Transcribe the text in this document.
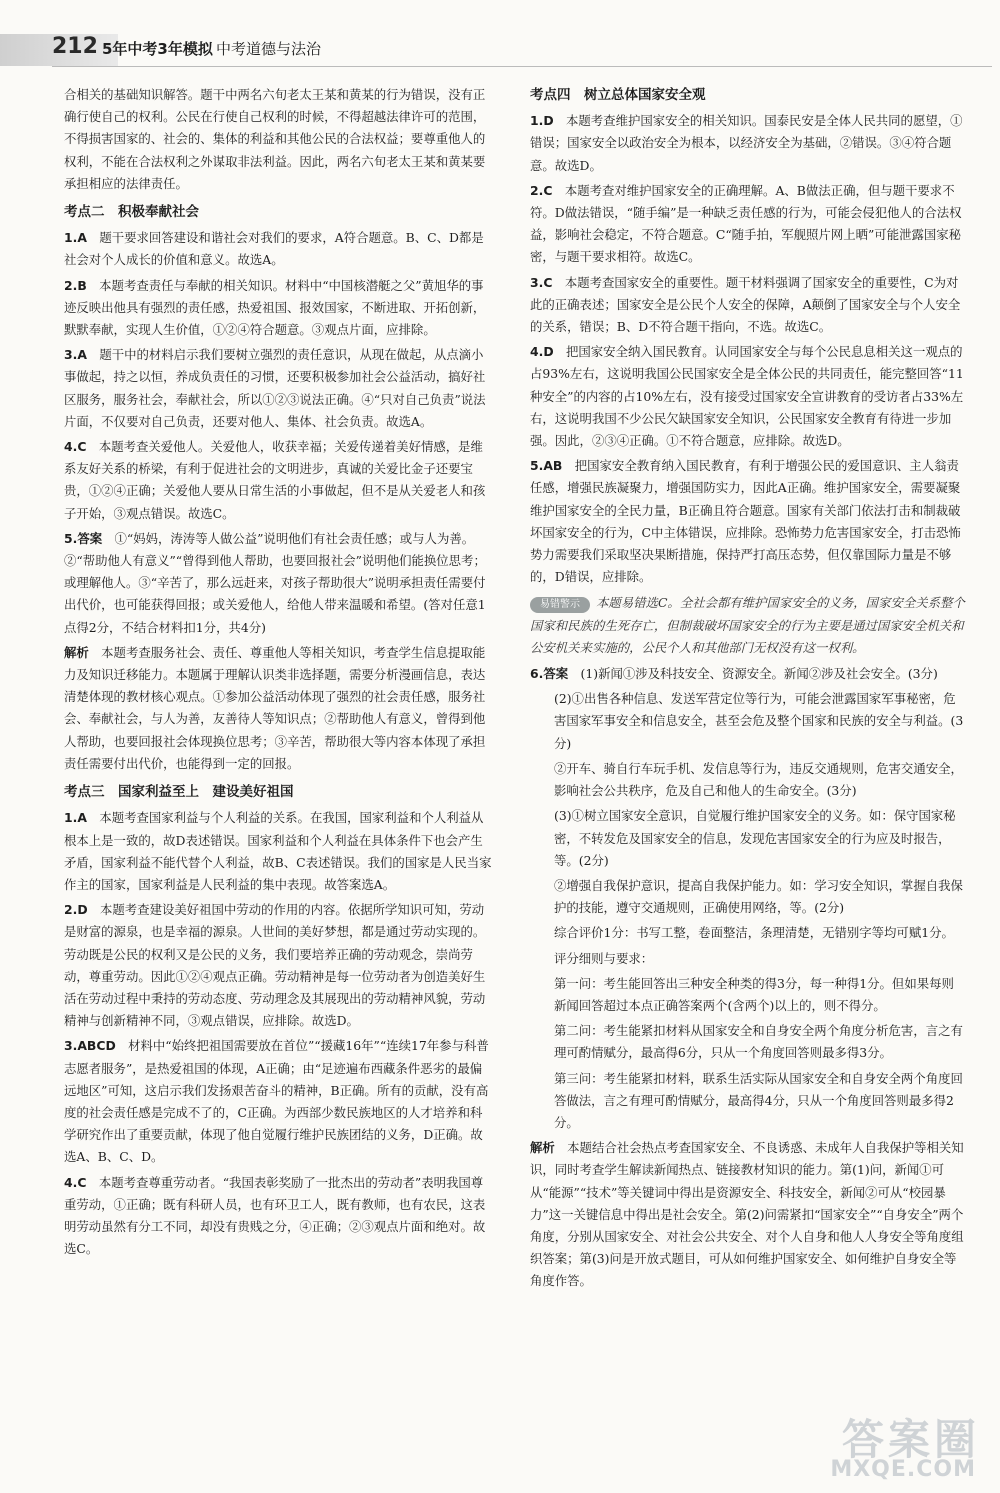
212 5年中考3年模拟 中考道德与法治
合相关的基础知识解答。题干中两名六旬老太王某和黄某的行为错误，没有正确行使自己的权利。公民在行使自己权利的时候，不得超越法律许可的范围，不得损害国家的、社会的、集体的利益和其他公民的合法权益；要尊重他人的权利，不能在合法权利之外谋取非法利益。因此，两名六旬老太王某和黄某要承担相应的法律责任。
考点二　积极奉献社会
1.A　 题干要求回答建设和谐社会对我们的要求，A符合题意。B、C、D都是社会对个人成长的价值和意义。故选A。
2.B　 本题考查责任与奉献的相关知识。材料中“中国核潜艇之父”黄旭华的事迹反映出他具有强烈的责任感，热爱祖国、报效国家，不断进取、开拓创新，默默奉献，实现人生价值，①②④符合题意。③观点片面，应排除。
3.A　 题干中的材料启示我们要树立强烈的责任意识，从现在做起，从点滴小事做起，持之以恒，养成负责任的习惯，还要积极参加社会公益活动，搞好社区服务，服务社会，奉献社会，所以①②③说法正确。④“只对自己负责”说法片面，不仅要对自己负责，还要对他人、集体、社会负责。故选A。
4.C　 本题考查关爱他人。关爱他人，收获幸福；关爱传递着美好情感，是维系友好关系的桥梁，有利于促进社会的文明进步，真诚的关爱比金子还要宝贵，①②④正确；关爱他人要从日常生活的小事做起，但不是从关爱老人和孩子开始，③观点错误。故选C。
5.答案　 ①“妈妈，涛涛等人做公益”说明他们有社会责任感；或与人为善。②“帮助他人有意义”“曾得到他人帮助，也要回报社会”说明他们能换位思考；或理解他人。③“辛苦了，那么远赶来，对孩子帮助很大”说明承担责任需要付出代价，也可能获得回报；或关爱他人，给他人带来温暖和希望。(答对任意1点得2分，不结合材料扣1分，共4分)
解析　 本题考查服务社会、责任、尊重他人等相关知识，考查学生信息提取能力及知识迁移能力。本题属于理解认识类非选择题，需要分析漫画信息，表达清楚体现的教材核心观点。①参加公益活动体现了强烈的社会责任感，服务社会、奉献社会，与人为善，友善待人等知识点；②帮助他人有意义，曾得到他人帮助，也要回报社会体现换位思考；③辛苦，帮助很大等内容本体现了承担责任需要付出代价，也能得到一定的回报。
考点三　国家利益至上　建设美好祖国
1.A　 本题考查国家利益与个人利益的关系。在我国，国家利益和个人利益从根本上是一致的，故D表述错误。国家利益和个人利益在具体条件下也会产生矛盾，国家利益不能代替个人利益，故B、C表述错误。我们的国家是人民当家作主的国家，国家利益是人民利益的集中表现。故答案选A。
2.D　 本题考查建设美好祖国中劳动的作用的内容。依据所学知识可知，劳动是财富的源泉，也是幸福的源泉。人世间的美好梦想，都是通过劳动实现的。劳动既是公民的权利又是公民的义务，我们要培养正确的劳动观念，崇尚劳动，尊重劳动。因此①②④观点正确。劳动精神是每一位劳动者为创造美好生活在劳动过程中秉持的劳动态度、劳动理念及其展现出的劳动精神风貌，劳动精神与创新精神不同，③观点错误，应排除。故选D。
3.ABCD　 材料中“始终把祖国需要放在首位”“援藏16年”“连续17年参与科普志愿者服务”，是热爱祖国的体现，A正确；由“足迹遍布西藏条件恶劣的最偏远地区”可知，这启示我们发扬艰苦奋斗的精神，B正确。所有的贡献，没有高度的社会责任感是完成不了的，C正确。为西部少数民族地区的人才培养和科学研究作出了重要贡献，体现了他自觉履行维护民族团结的义务，D正确。故选A、B、C、D。
4.C　 本题考查尊重劳动者。“我国表彰奖励了一批杰出的劳动者”表明我国尊重劳动，①正确；既有科研人员，也有环卫工人，既有教师，也有农民，这表明劳动虽然有分工不同，却没有贵贱之分，④正确；②③观点片面和绝对。故选C。
考点四　树立总体国家安全观
1.D　 本题考查维护国家安全的相关知识。国泰民安是全体人民共同的愿望，①错误；国家安全以政治安全为根本，以经济安全为基础，②错误。③④符合题意。故选D。
2.C　 本题考查对维护国家安全的正确理解。A、B做法正确，但与题干要求不符。D做法错误，“随手编”是一种缺乏责任感的行为，可能会侵犯他人的合法权益，影响社会稳定，不符合题意。C“随手拍，军舰照片网上晒”可能泄露国家秘密，与题干要求相符。故选C。
3.C　 本题考查国家安全的重要性。题干材料强调了国家安全的重要性，C为对此的正确表述；国家安全是公民个人安全的保障，A颠倒了国家安全与个人安全的关系，错误；B、D不符合题干指向，不选。故选C。
4.D　 把国家安全纳入国民教育。认同国家安全与每个公民息息相关这一观点的占93%左右，这说明我国公民国家安全是全体公民的共同责任，能完整回答“11种安全”的内容的占10%左右，没有接受过国家安全宣讲教育的受访者占33%左右，这说明我国不少公民欠缺国家安全知识，公民国家安全教育有待进一步加强。因此，②③④正确。①不符合题意，应排除。故选D。
5.AB　 把国家安全教育纳入国民教育，有利于增强公民的爱国意识、主人翁责任感，增强民族凝聚力，增强国防实力，因此A正确。维护国家安全，需要凝聚维护国家安全的全民力量，B正确且符合题意。国家有关部门依法打击和制裁破坏国家安全的行为，C中主体错误，应排除。恐怖势力危害国家安全，打击恐怖势力需要我们采取坚决果断措施，保持严打高压态势，但仅靠国际力量是不够的，D错误，应排除。
易错警示 本题易错选C。全社会都有维护国家安全的义务，国家安全关系整个国家和民族的生死存亡，但制裁破坏国家安全的行为主要是通过国家安全机关和公安机关来实施的，公民个人和其他部门无权没有这一权利。
6.答案　 (1)新闻①涉及科技安全、资源安全。新闻②涉及社会安全。(3分)
(2)①出售各种信息、发送军营定位等行为，可能会泄露国家军事秘密，危害国家军事安全和信息安全，甚至会危及整个国家和民族的安全与利益。(3分)
②开车、骑自行车玩手机、发信息等行为，违反交通规则，危害交通安全，影响社会公共秩序，危及自己和他人的生命安全。(3分)
(3)①树立国家安全意识，自觉履行维护国家安全的义务。如：保守国家秘密，不转发危及国家安全的信息，发现危害国家安全的行为应及时报告，等。(2分)
②增强自我保护意识，提高自我保护能力。如：学习安全知识，掌握自我保护的技能，遵守交通规则，正确使用网络，等。(2分)
综合评价1分：书写工整，卷面整洁，条理清楚，无错别字等均可赋1分。
评分细则与要求：
第一问：考生能回答出三种安全种类的得3分，每一种得1分。但如果每则新闻回答超过本点正确答案两个(含两个)以上的，则不得分。
第二问：考生能紧扣材料从国家安全和自身安全两个角度分析危害，言之有理可酌情赋分，最高得6分，只从一个角度回答则最多得3分。
第三问：考生能紧扣材料，联系生活实际从国家安全和自身安全两个角度回答做法，言之有理可酌情赋分，最高得4分，只从一个角度回答则最多得2分。
解析　 本题结合社会热点考查国家安全、不良诱惑、未成年人自我保护等相关知识，同时考查学生解读新闻热点、链接教材知识的能力。第(1)问，新闻①可从“能源”“技术”等关键词中得出是资源安全、科技安全，新闻②可从“校园暴力”这一关键信息中得出是社会安全。第(2)问需紧扣“国家安全”“自身安全”两个角度，分别从国家安全、对社会公共安全、对个人自身和他人人身安全等角度组织答案；第(3)问是开放式题目，可从如何维护国家安全、如何维护自身安全等角度作答。
答案圈
MXQE.COM
